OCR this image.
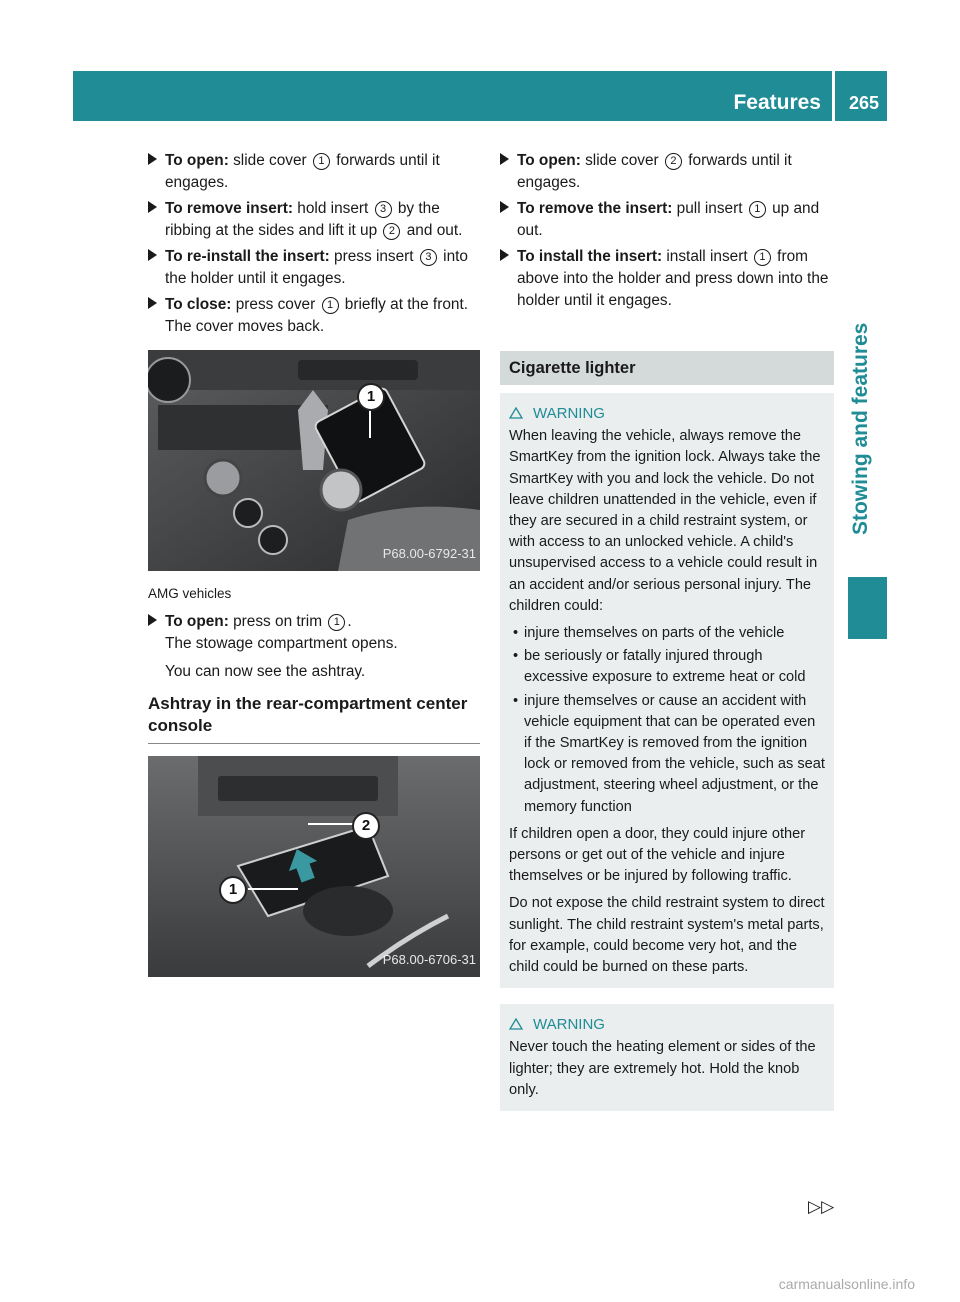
Features 265
Stowing and features
To open: slide cover 1 forwards until it engages.
To remove insert: hold insert 3 by the ribbing at the sides and lift it up 2 and out.
To re-install the insert: press insert 3 into the holder until it engages.
To close: press cover 1 briefly at the front.
The cover moves back.
1
P68.00-6792-31
AMG vehicles
To open: press on trim 1 .
The stowage compartment opens.
You can now see the ashtray.
Ashtray in the rear-compartment center console
1
2
P68.00-6706-31
To open: slide cover 2 forwards until it engages.
To remove the insert: pull insert 1 up and out.
To install the insert: install insert 1 from above into the holder and press down into the holder until it engages.
Cigarette lighter
WARNING

When leaving the vehicle, always remove the SmartKey from the ignition lock. Always take the SmartKey with you and lock the vehicle. Do not leave children unattended in the vehicle, even if they are secured in a child restraint system, or with access to an unlocked vehicle. A child's unsupervised access to a vehicle could result in an accident and/or serious personal injury. The children could:

• injure themselves on parts of the vehicle
• be seriously or fatally injured through excessive exposure to extreme heat or cold
• injure themselves or cause an accident with vehicle equipment that can be operated even if the SmartKey is removed from the ignition lock or removed from the vehicle, such as seat adjustment, steering wheel adjustment, or the memory function

If children open a door, they could injure other persons or get out of the vehicle and injure themselves or be injured by following traffic.

Do not expose the child restraint system to direct sunlight. The child restraint system's metal parts, for example, could become very hot, and the child could be burned on these parts.

WARNING

Never touch the heating element or sides of the lighter; they are extremely hot. Hold the knob only.

▷▷
carmanualsonline.info
